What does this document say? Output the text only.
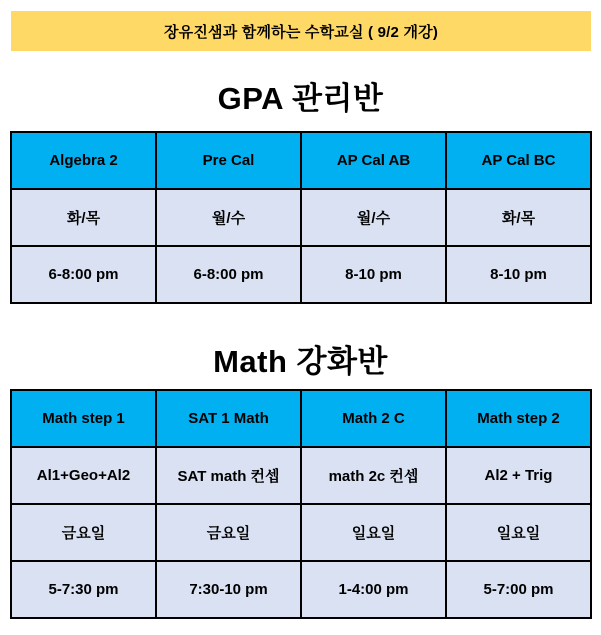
장유진샘과 함께하는 수학교실 ( 9/2 개강)
GPA 관리반
Algebra 2	Pre Cal	AP Cal AB	AP Cal BC
화/목	월/수	월/수	화/목
6-8:00 pm	6-8:00 pm	8-10 pm	8-10 pm
Math 강화반
Math step 1	SAT 1 Math	Math 2 C	Math step 2
Al1+Geo+Al2	SAT math 컨셉	math 2c 컨셉	Al2 + Trig
금요일	금요일	일요일	일요일
5-7:30 pm	7:30-10 pm	1-4:00 pm	5-7:00 pm
